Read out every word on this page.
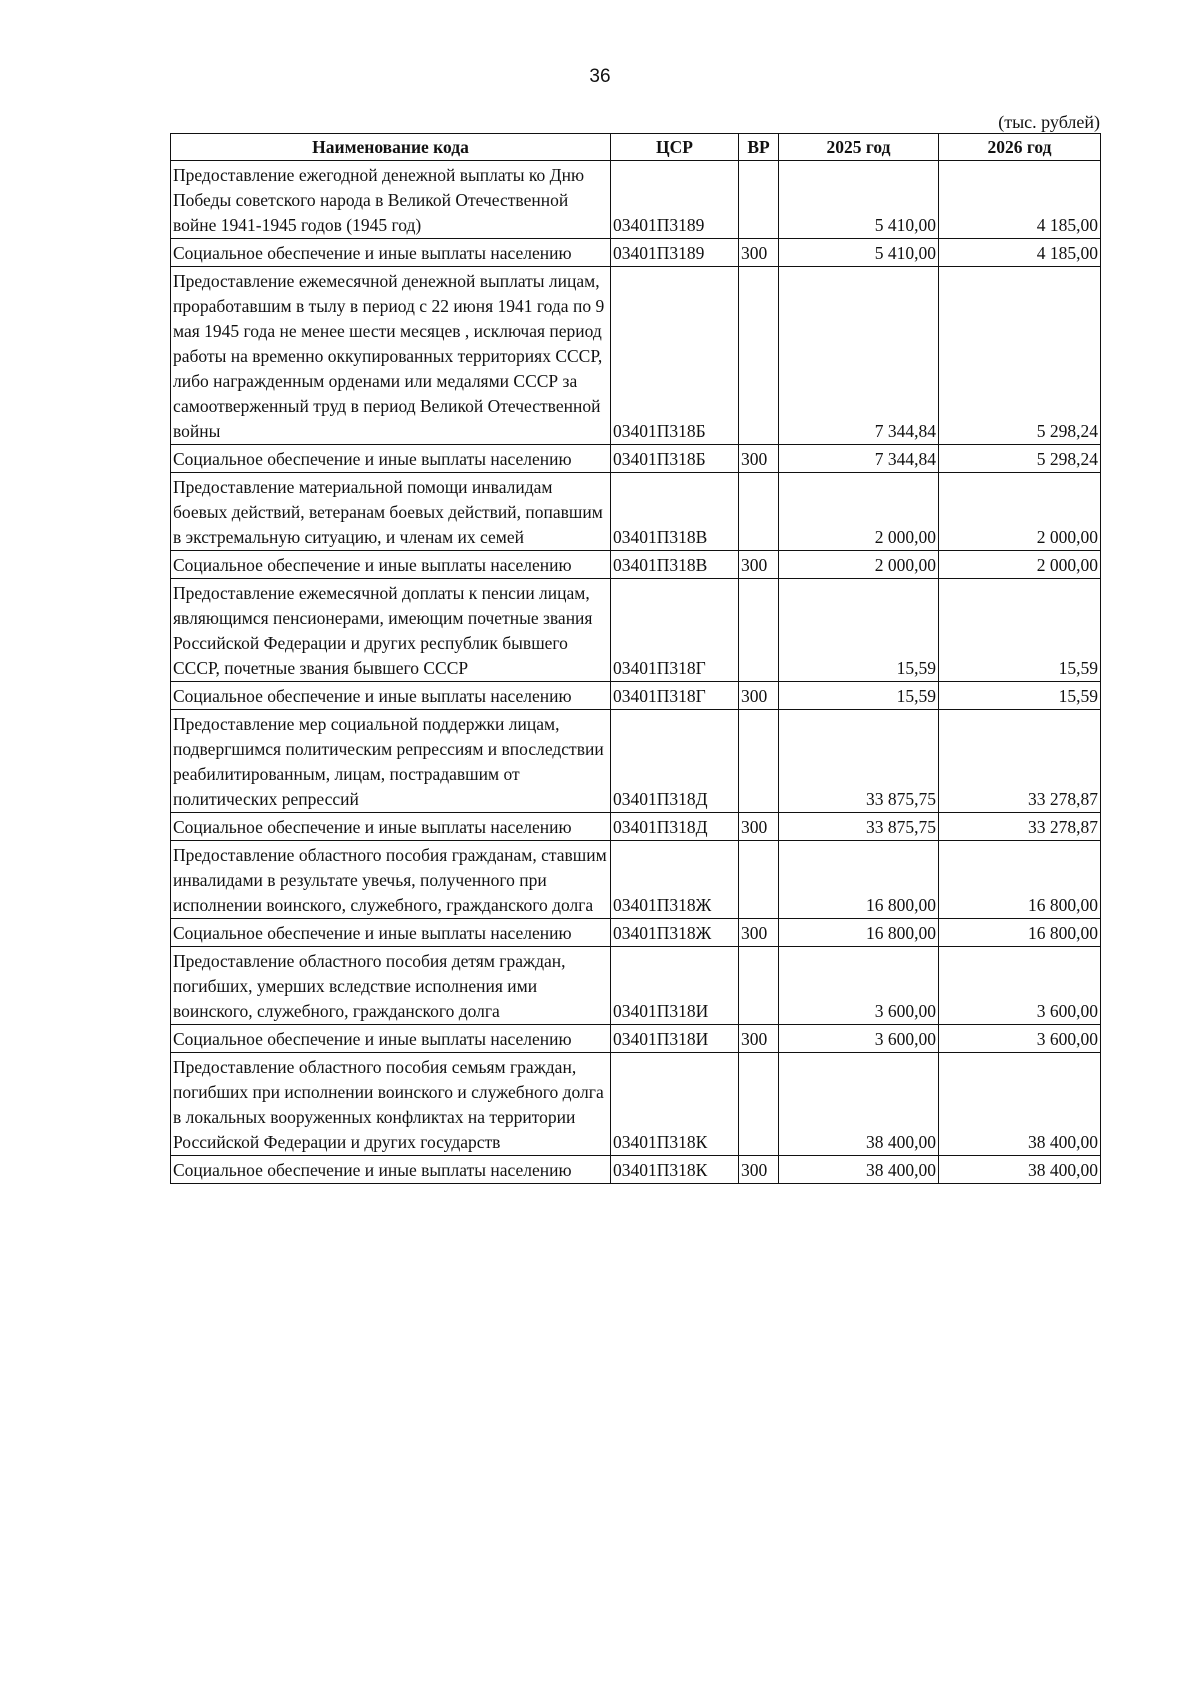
36
(тыс. рублей)
Наименование кода	ЦСР	ВР	2025 год	2026 год
Предоставление ежегодной денежной выплаты ко Дню Победы советского народа в Великой Отечественной войне 1941-1945 годов (1945 год)	03401П3189		5 410,00	4 185,00
Социальное обеспечение и иные выплаты населению	03401П3189	300	5 410,00	4 185,00
Предоставление ежемесячной денежной выплаты лицам, проработавшим в тылу в период с 22 июня 1941 года по 9 мая 1945 года не менее шести месяцев , исключая период работы на временно оккупированных территориях СССР, либо награжденным орденами или медалями СССР за самоотверженный труд в период Великой Отечественной войны	03401П318Б		7 344,84	5 298,24
Социальное обеспечение и иные выплаты населению	03401П318Б	300	7 344,84	5 298,24
Предоставление материальной помощи инвалидам боевых действий, ветеранам боевых действий, попавшим в экстремальную ситуацию, и членам их семей	03401П318В		2 000,00	2 000,00
Социальное обеспечение и иные выплаты населению	03401П318В	300	2 000,00	2 000,00
Предоставление ежемесячной доплаты к пенсии лицам, являющимся пенсионерами, имеющим почетные звания Российской Федерации и других республик бывшего СССР, почетные звания бывшего СССР	03401П318Г		15,59	15,59
Социальное обеспечение и иные выплаты населению	03401П318Г	300	15,59	15,59
Предоставление мер социальной поддержки лицам, подвергшимся политическим репрессиям и впоследствии реабилитированным, лицам, пострадавшим от политических репрессий	03401П318Д		33 875,75	33 278,87
Социальное обеспечение и иные выплаты населению	03401П318Д	300	33 875,75	33 278,87
Предоставление областного пособия гражданам, ставшим инвалидами в результате увечья, полученного при исполнении воинского, служебного, гражданского долга	03401П318Ж		16 800,00	16 800,00
Социальное обеспечение и иные выплаты населению	03401П318Ж	300	16 800,00	16 800,00
Предоставление областного пособия детям граждан, погибших, умерших вследствие исполнения ими воинского, служебного, гражданского долга	03401П318И		3 600,00	3 600,00
Социальное обеспечение и иные выплаты населению	03401П318И	300	3 600,00	3 600,00
Предоставление областного пособия семьям граждан, погибших при исполнении воинского и служебного долга в локальных вооруженных конфликтах на территории Российской Федерации и других государств	03401П318К		38 400,00	38 400,00
Социальное обеспечение и иные выплаты населению	03401П318К	300	38 400,00	38 400,00
